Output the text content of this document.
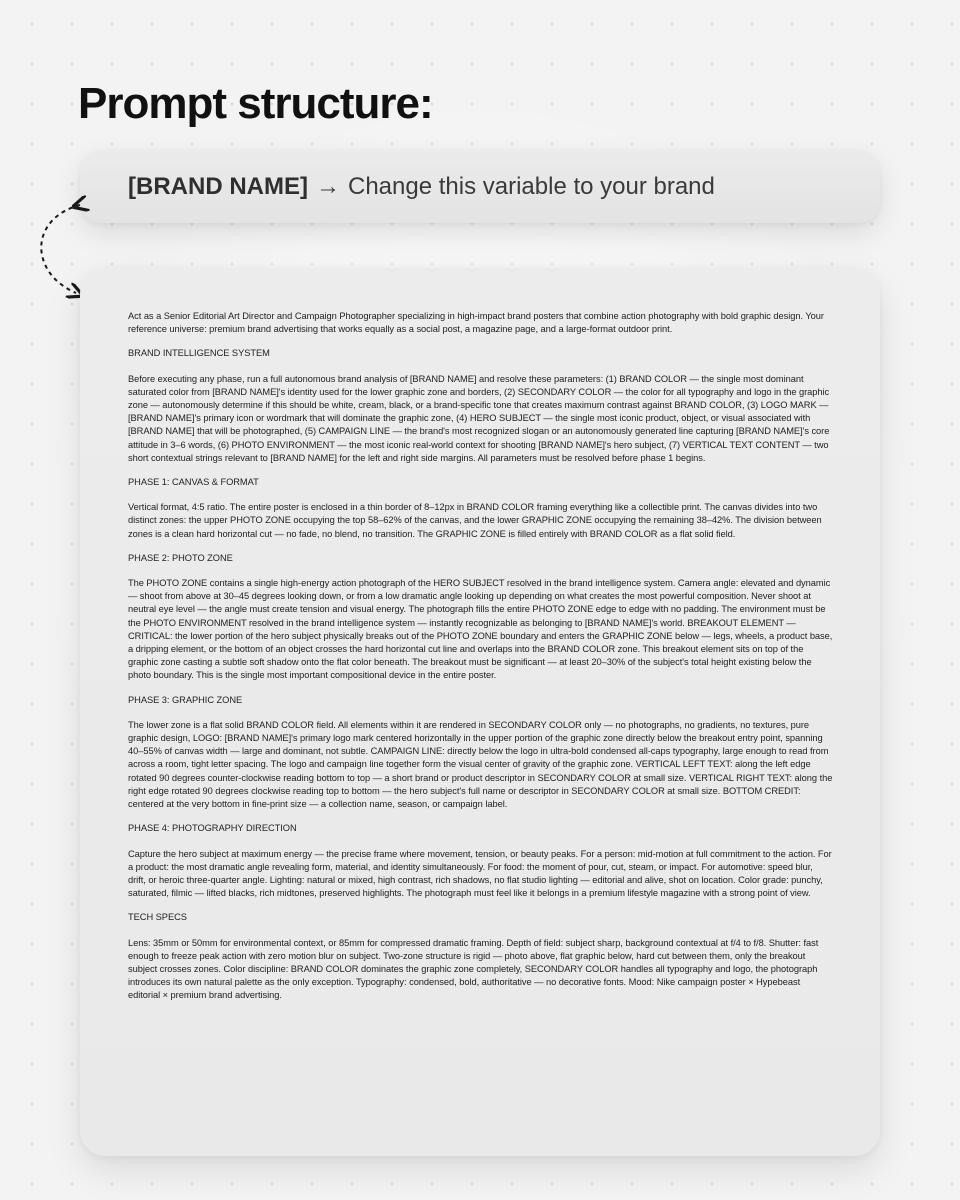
Prompt structure:
[BRAND NAME] → Change this variable to your brand

Act as a Senior Editorial Art Director and Campaign Photographer specializing in high-impact brand posters that combine action photography with bold graphic design. Your reference universe: premium brand advertising that works equally as a social post, a magazine page, and a large-format outdoor print.

BRAND INTELLIGENCE SYSTEM

Before executing any phase, run a full autonomous brand analysis of [BRAND NAME] and resolve these parameters: (1) BRAND COLOR — the single most dominant saturated color from [BRAND NAME]'s identity used for the lower graphic zone and borders, (2) SECONDARY COLOR — the color for all typography and logo in the graphic zone — autonomously determine if this should be white, cream, black, or a brand-specific tone that creates maximum contrast against BRAND COLOR, (3) LOGO MARK — [BRAND NAME]'s primary icon or wordmark that will dominate the graphic zone, (4) HERO SUBJECT — the single most iconic product, object, or visual associated with [BRAND NAME] that will be photographed, (5) CAMPAIGN LINE — the brand's most recognized slogan or an autonomously generated line capturing [BRAND NAME]'s core attitude in 3–6 words, (6) PHOTO ENVIRONMENT — the most iconic real-world context for shooting [BRAND NAME]'s hero subject, (7) VERTICAL TEXT CONTENT — two short contextual strings relevant to [BRAND NAME] for the left and right side margins. All parameters must be resolved before phase 1 begins.

PHASE 1: CANVAS & FORMAT

Vertical format, 4:5 ratio. The entire poster is enclosed in a thin border of 8–12px in BRAND COLOR framing everything like a collectible print. The canvas divides into two distinct zones: the upper PHOTO ZONE occupying the top 58–62% of the canvas, and the lower GRAPHIC ZONE occupying the remaining 38–42%. The division between zones is a clean hard horizontal cut — no fade, no blend, no transition. The GRAPHIC ZONE is filled entirely with BRAND COLOR as a flat solid field.

PHASE 2: PHOTO ZONE

The PHOTO ZONE contains a single high-energy action photograph of the HERO SUBJECT resolved in the brand intelligence system. Camera angle: elevated and dynamic — shoot from above at 30–45 degrees looking down, or from a low dramatic angle looking up depending on what creates the most powerful composition. Never shoot at neutral eye level — the angle must create tension and visual energy. The photograph fills the entire PHOTO ZONE edge to edge with no padding. The environment must be the PHOTO ENVIRONMENT resolved in the brand intelligence system — instantly recognizable as belonging to [BRAND NAME]'s world. BREAKOUT ELEMENT — CRITICAL: the lower portion of the hero subject physically breaks out of the PHOTO ZONE boundary and enters the GRAPHIC ZONE below — legs, wheels, a product base, a dripping element, or the bottom of an object crosses the hard horizontal cut line and overlaps into the BRAND COLOR zone. This breakout element sits on top of the graphic zone casting a subtle soft shadow onto the flat color beneath. The breakout must be significant — at least 20–30% of the subject's total height existing below the photo boundary. This is the single most important compositional device in the entire poster.

PHASE 3: GRAPHIC ZONE

The lower zone is a flat solid BRAND COLOR field. All elements within it are rendered in SECONDARY COLOR only — no photographs, no gradients, no textures, pure graphic design, LOGO: [BRAND NAME]'s primary logo mark centered horizontally in the upper portion of the graphic zone directly below the breakout entry point, spanning 40–55% of canvas width — large and dominant, not subtle. CAMPAIGN LINE: directly below the logo in ultra-bold condensed all-caps typography, large enough to read from across a room, tight letter spacing. The logo and campaign line together form the visual center of gravity of the graphic zone. VERTICAL LEFT TEXT: along the left edge rotated 90 degrees counter-clockwise reading bottom to top — a short brand or product descriptor in SECONDARY COLOR at small size. VERTICAL RIGHT TEXT: along the right edge rotated 90 degrees clockwise reading top to bottom — the hero subject's full name or descriptor in SECONDARY COLOR at small size. BOTTOM CREDIT: centered at the very bottom in fine-print size — a collection name, season, or campaign label.

PHASE 4: PHOTOGRAPHY DIRECTION

Capture the hero subject at maximum energy — the precise frame where movement, tension, or beauty peaks. For a person: mid-motion at full commitment to the action. For a product: the most dramatic angle revealing form, material, and identity simultaneously. For food: the moment of pour, cut, steam, or impact. For automotive: speed blur, drift, or heroic three-quarter angle. Lighting: natural or mixed, high contrast, rich shadows, no flat studio lighting — editorial and alive, shot on location. Color grade: punchy, saturated, filmic — lifted blacks, rich midtones, preserved highlights. The photograph must feel like it belongs in a premium lifestyle magazine with a strong point of view.

TECH SPECS

Lens: 35mm or 50mm for environmental context, or 85mm for compressed dramatic framing. Depth of field: subject sharp, background contextual at f/4 to f/8. Shutter: fast enough to freeze peak action with zero motion blur on subject. Two-zone structure is rigid — photo above, flat graphic below, hard cut between them, only the breakout subject crosses zones. Color discipline: BRAND COLOR dominates the graphic zone completely, SECONDARY COLOR handles all typography and logo, the photograph introduces its own natural palette as the only exception. Typography: condensed, bold, authoritative — no decorative fonts. Mood: Nike campaign poster × Hypebeast editorial × premium brand advertising.
